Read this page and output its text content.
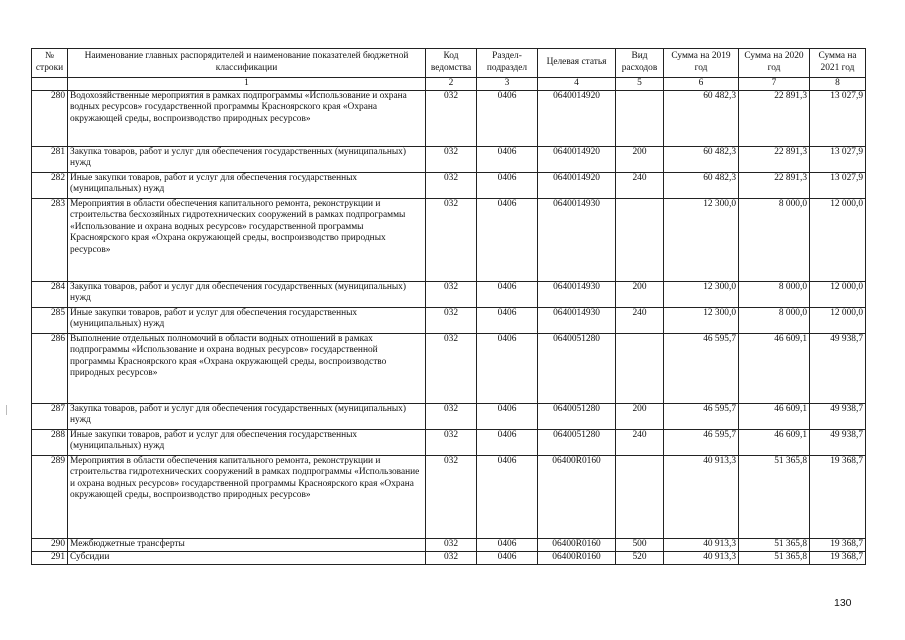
№ строки	Наименование главных распорядителей и наименование показателей бюджетной классификации	Код ведомства	Раздел-подраздел	Целевая статья	Вид расходов	Сумма на 2019 год	Сумма на 2020 год	Сумма на 2021 год
	1	2	3	4	5	6	7	8
280	Водохозяйственные мероприятия в рамках подпрограммы «Использование и охрана водных ресурсов» государственной программы Красноярского края «Охрана окружающей среды, воспроизводство природных ресурсов»	032	0406	0640014920		60 482,3	22 891,3	13 027,9
281	Закупка товаров, работ и услуг для обеспечения государственных (муниципальных) нужд	032	0406	0640014920	200	60 482,3	22 891,3	13 027,9
282	Иные закупки товаров, работ и услуг для обеспечения государственных (муниципальных) нужд	032	0406	0640014920	240	60 482,3	22 891,3	13 027,9
283	Мероприятия в области обеспечения капитального ремонта, реконструкции и строительства бесхозяйных гидротехнических сооружений в рамках подпрограммы «Использование и охрана водных ресурсов» государственной программы Красноярского края «Охрана окружающей среды, воспроизводство природных ресурсов»	032	0406	0640014930		12 300,0	8 000,0	12 000,0
284	Закупка товаров, работ и услуг для обеспечения государственных (муниципальных) нужд	032	0406	0640014930	200	12 300,0	8 000,0	12 000,0
285	Иные закупки товаров, работ и услуг для обеспечения государственных (муниципальных) нужд	032	0406	0640014930	240	12 300,0	8 000,0	12 000,0
286	Выполнение отдельных полномочий в области водных отношений в рамках подпрограммы «Использование и охрана водных ресурсов» государственной программы Красноярского края «Охрана окружающей среды, воспроизводство природных ресурсов»	032	0406	0640051280		46 595,7	46 609,1	49 938,7
287	Закупка товаров, работ и услуг для обеспечения государственных (муниципальных) нужд	032	0406	0640051280	200	46 595,7	46 609,1	49 938,7
288	Иные закупки товаров, работ и услуг для обеспечения государственных (муниципальных) нужд	032	0406	0640051280	240	46 595,7	46 609,1	49 938,7
289	Мероприятия в области обеспечения капитального ремонта, реконструкции и строительства гидротехнических сооружений в рамках подпрограммы «Использование и охрана водных ресурсов» государственной программы Красноярского края «Охрана окружающей среды, воспроизводство природных ресурсов»	032	0406	06400R0160		40 913,3	51 365,8	19 368,7
290	Межбюджетные трансферты	032	0406	06400R0160	500	40 913,3	51 365,8	19 368,7
291	Субсидии	032	0406	06400R0160	520	40 913,3	51 365,8	19 368,7
130
